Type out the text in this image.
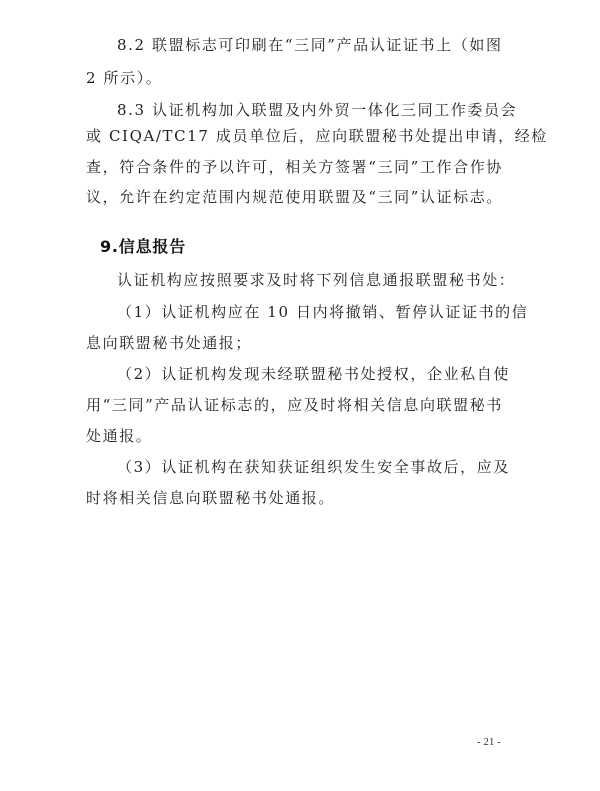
8.2 联盟标志可印刷在“三同”产品认证证书上（如图
2 所示）。
8.3 认证机构加入联盟及内外贸一体化三同工作委员会
或 CIQA/TC17 成员单位后，应向联盟秘书处提出申请，经检
查，符合条件的予以许可，相关方签署“三同”工作合作协
议，允许在约定范围内规范使用联盟及“三同”认证标志。
9.信息报告
认证机构应按照要求及时将下列信息通报联盟秘书处：
（1）认证机构应在 10 日内将撤销、暂停认证证书的信
息向联盟秘书处通报；
（2）认证机构发现未经联盟秘书处授权，企业私自使
用“三同”产品认证标志的，应及时将相关信息向联盟秘书
处通报。
（3）认证机构在获知获证组织发生安全事故后，应及
时将相关信息向联盟秘书处通报。
- 21 -
